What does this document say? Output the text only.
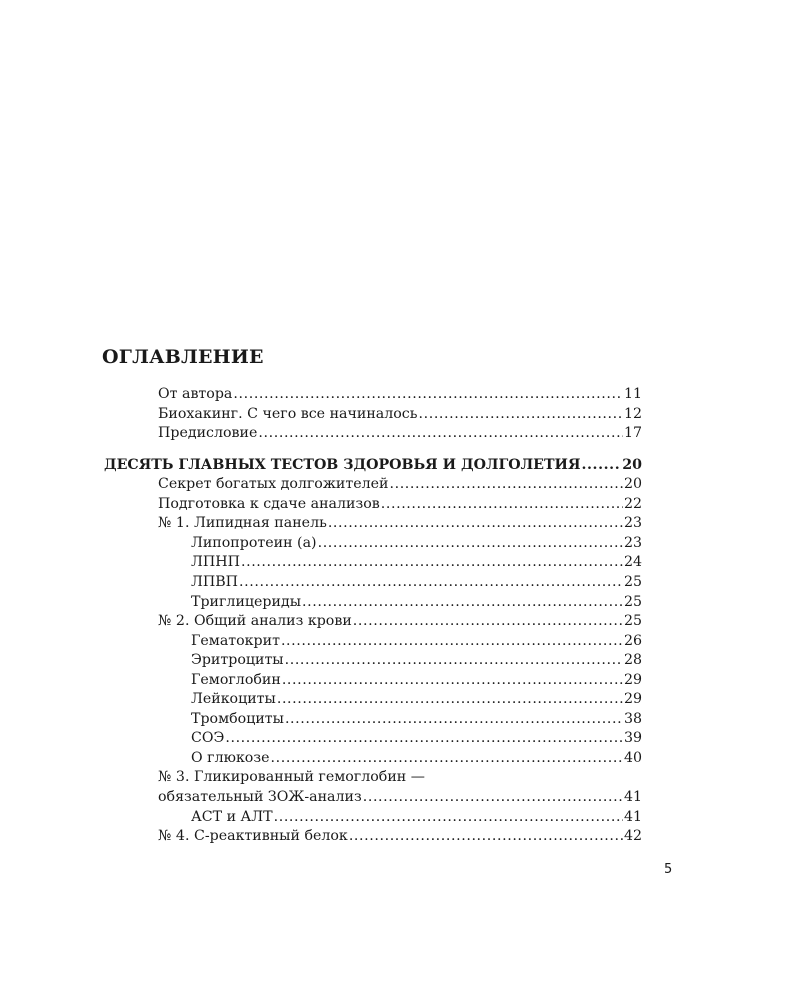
ОГЛАВЛЕНИЕ
От автора .....	11
Биохакинг. С чего все начиналось .....	12
Предисловие .....	17
ДЕСЯТЬ ГЛАВНЫХ ТЕСТОВ ЗДОРОВЬЯ И ДОЛГОЛЕТИЯ .....	20
Секрет богатых долгожителей .....	20
Подготовка к сдаче анализов .....	22
№ 1. Липидная панель .....	23
Липопротеин (a) .....	23
ЛПНП .....	24
ЛПВП .....	25
Триглицериды .....	25
№ 2. Общий анализ крови .....	25
Гематокрит .....	26
Эритроциты .....	28
Гемоглобин .....	29
Лейкоциты .....	29
Тромбоциты .....	38
СОЭ .....	39
О глюкозе .....	40
№ 3. Гликированный гемоглобин —
обязательный ЗОЖ-анализ .....	41
АСТ и АЛТ .....	41
№ 4. С-реактивный белок .....	42
5
